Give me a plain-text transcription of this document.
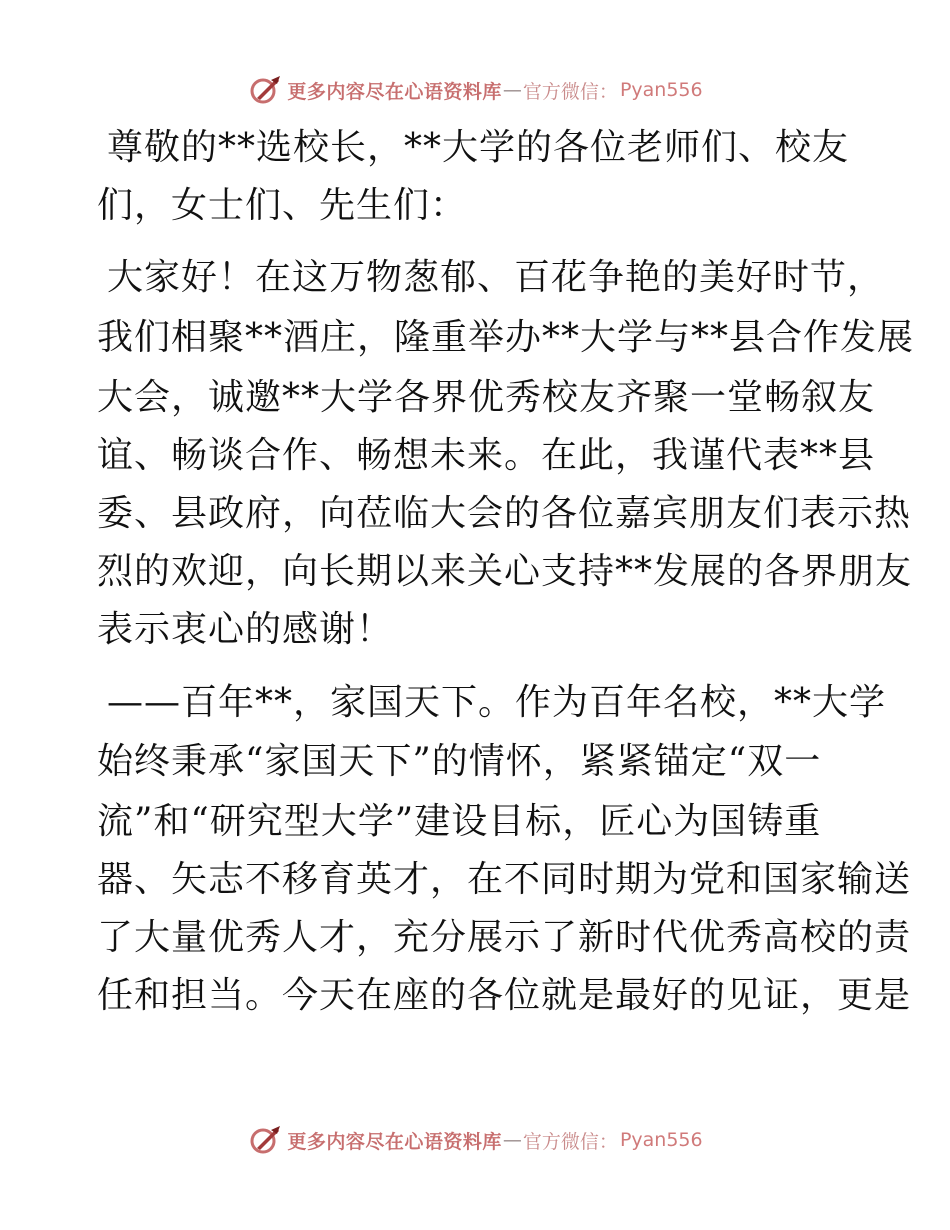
更多内容尽在心语资料库 — 官方微信： Pyan556
尊敬的**选校长，**大学的各位老师们、校友
们，女士们、先生们：
大家好！在这万物葱郁、百花争艳的美好时节，
我们相聚**酒庄，隆重举办**大学与**县合作发展
大会，诚邀**大学各界优秀校友齐聚一堂畅叙友
谊、畅谈合作、畅想未来。在此，我谨代表**县
委、县政府，向莅临大会的各位嘉宾朋友们表示热
烈的欢迎，向长期以来关心支持**发展的各界朋友
表示衷心的感谢！
——百年**，家国天下。作为百年名校，**大学
始终秉承“家国天下”的情怀，紧紧锚定“双一
流”和“研究型大学”建设目标，匠心为国铸重
器、矢志不移育英才，在不同时期为党和国家输送
了大量优秀人才，充分展示了新时代优秀高校的责
任和担当。今天在座的各位就是最好的见证，更是
更多内容尽在心语资料库 — 官方微信： Pyan556
